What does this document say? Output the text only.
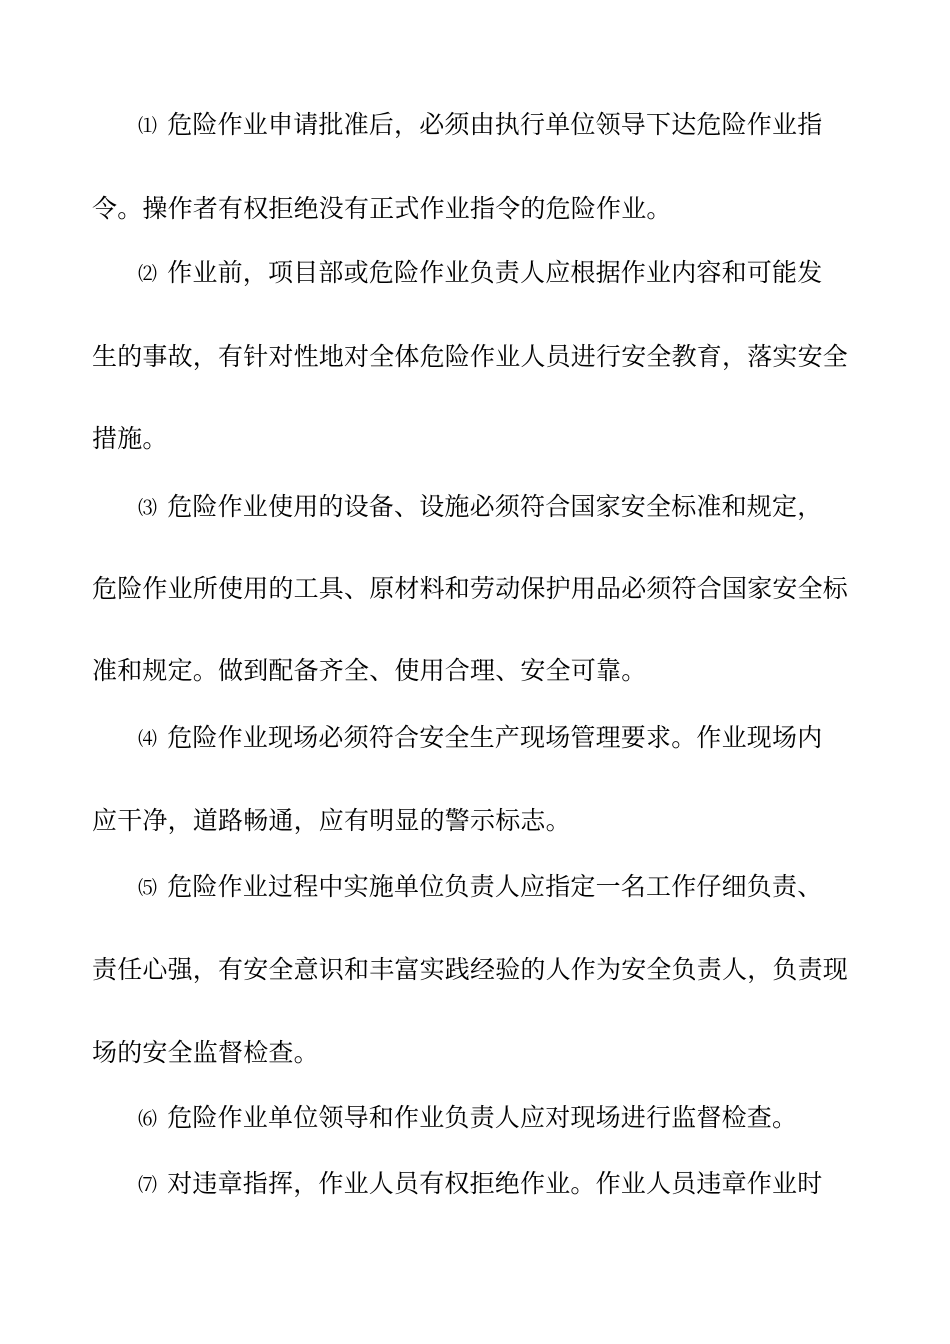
⑴ 危险作业申请批准后，必须由执行单位领导下达危险作业指
令。操作者有权拒绝没有正式作业指令的危险作业。
⑵ 作业前，项目部或危险作业负责人应根据作业内容和可能发
生的事故，有针对性地对全体危险作业人员进行安全教育，落实安全
措施。
⑶ 危险作业使用的设备、设施必须符合国家安全标准和规定，
危险作业所使用的工具、原材料和劳动保护用品必须符合国家安全标
准和规定。做到配备齐全、使用合理、安全可靠。
⑷ 危险作业现场必须符合安全生产现场管理要求。作业现场内
应干净，道路畅通，应有明显的警示标志。
⑸ 危险作业过程中实施单位负责人应指定一名工作仔细负责、
责任心强，有安全意识和丰富实践经验的人作为安全负责人，负责现
场的安全监督检查。
⑹ 危险作业单位领导和作业负责人应对现场进行监督检查。
⑺ 对违章指挥，作业人员有权拒绝作业。作业人员违章作业时
